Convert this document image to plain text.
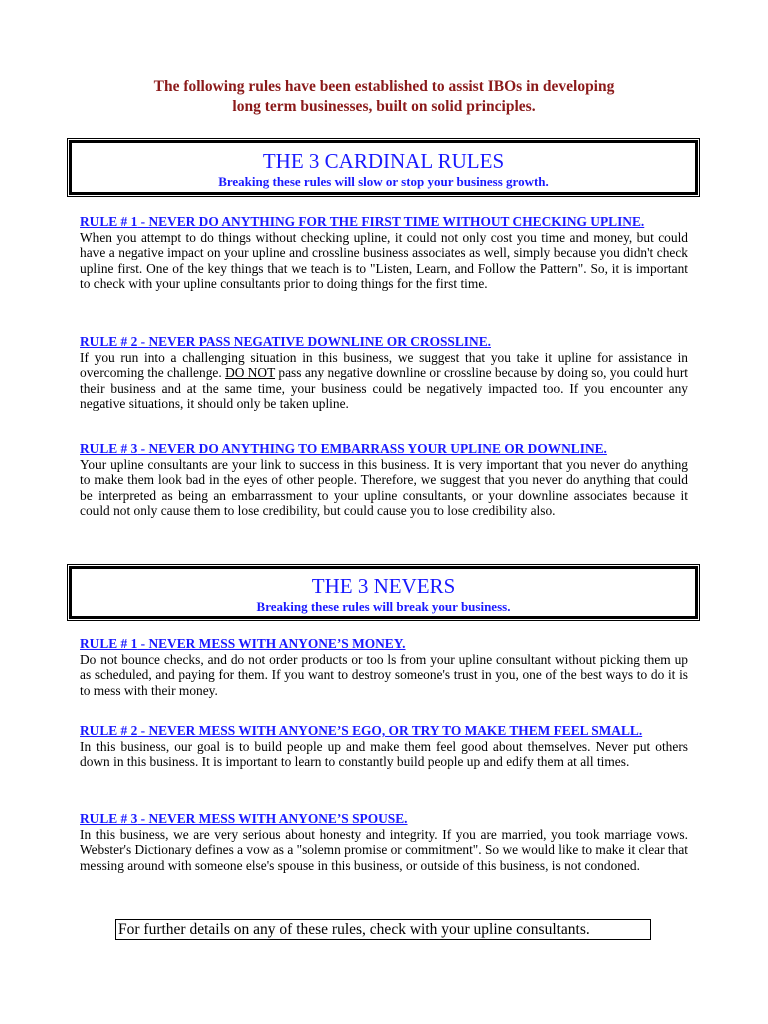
The following rules have been established to assist IBOs in developing
long term businesses, built on solid principles.
THE 3 CARDINAL RULES
Breaking these rules will slow or stop your business growth.
RULE # 1 - NEVER DO ANYTHING FOR THE FIRST TIME WITHOUT CHECKING UPLINE.
When you attempt to do things without checking upline, it could not only cost you time and money, but could have a negative impact on your upline and crossline business associates as well, simply because you didn't check upline first. One of the key things that we teach is to "Listen, Learn, and Follow the Pattern". So, it is important to check with your upline consultants prior to doing things for the first time.
RULE # 2 - NEVER PASS NEGATIVE DOWNLINE OR CROSSLINE.
If you run into a challenging situation in this business, we suggest that you take it upline for assistance in overcoming the challenge. DO NOT pass any negative downline or crossline because by doing so, you could hurt their business and at the same time, your business could be negatively impacted too. If you encounter any negative situations, it should only be taken upline.
RULE # 3 - NEVER DO ANYTHING TO EMBARRASS YOUR UPLINE OR DOWNLINE.
Your upline consultants are your link to success in this business. It is very important that you never do anything to make them look bad in the eyes of other people. Therefore, we suggest that you never do anything that could be interpreted as being an embarrassment to your upline consultants, or your downline associates because it could not only cause them to lose credibility, but could cause you to lose credibility also.
THE 3 NEVERS
Breaking these rules will break your business.
RULE # 1 - NEVER MESS WITH ANYONE’S MONEY.
Do not bounce checks, and do not order products or too ls from your upline consultant without picking them up as scheduled, and paying for them. If you want to destroy someone's trust in you, one of the best ways to do it is to mess with their money.
RULE # 2 - NEVER MESS WITH ANYONE’S EGO, OR TRY TO MAKE THEM FEEL SMALL.
In this business, our goal is to build people up and make them feel good about themselves. Never put others down in this business. It is important to learn to constantly build people up and edify them at all times.
RULE # 3 - NEVER MESS WITH ANYONE’S SPOUSE.
In this business, we are very serious about honesty and integrity. If you are married, you took marriage vows. Webster's Dictionary defines a vow as a "solemn promise or commitment". So we would like to make it clear that messing around with someone else's spouse in this business, or outside of this business, is not condoned.
For further details on any of these rules, check with your upline consultants.
